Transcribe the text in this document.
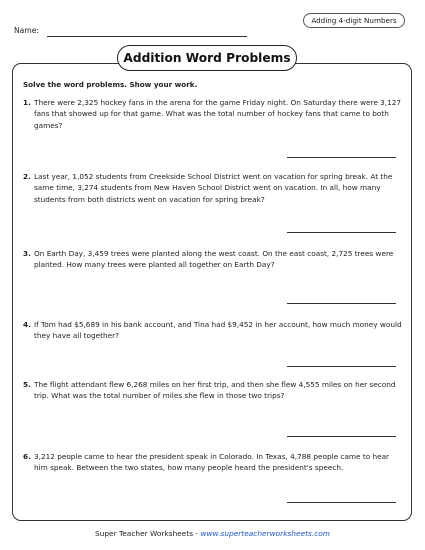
Name:
Adding 4-digit Numbers
Addition Word Problems
Solve the word problems. Show your work.
1. There were 2,325 hockey fans in the arena for the game Friday night. On Saturday there were 3,127 fans that showed up for that game. What was the total number of hockey fans that came to both games?
2. Last year, 1,052 students from Creekside School District went on vacation for spring break. At the same time, 3,274 students from New Haven School District went on vacation. In all, how many students from both districts went on vacation for spring break?
3. On Earth Day, 3,459 trees were planted along the west coast. On the east coast, 2,725 trees were planted. How many trees were planted all together on Earth Day?
4. If Tom had $5,689 in his bank account, and Tina had $9,452 in her account, how much money would they have all together?
5. The flight attendant flew 6,268 miles on her first trip, and then she flew 4,555 miles on her second trip. What was the total number of miles she flew in those two trips?
6. 3,212 people came to hear the president speak in Colorado. In Texas, 4,788 people came to hear him speak. Between the two states, how many people heard the president's speech.
Super Teacher Worksheets - www.superteacherworksheets.com
